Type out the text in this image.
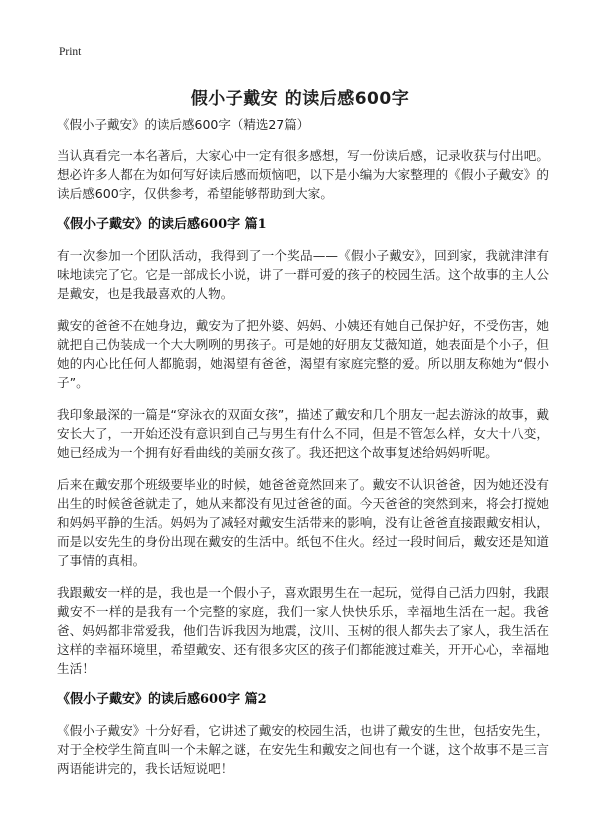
Print
假小子戴安 的读后感600字

《假小子戴安》的读后感600字（精选27篇）

当认真看完一本名著后，大家心中一定有很多感想，写一份读后感，记录收获与付出吧。想必许多人都在为如何写好读后感而烦恼吧，以下是小编为大家整理的《假小子戴安》的读后感600字，仅供参考，希望能够帮助到大家。

《假小子戴安》的读后感600字 篇1

有一次参加一个团队活动，我得到了一个奖品——《假小子戴安》，回到家，我就津津有味地读完了它。它是一部成长小说，讲了一群可爱的孩子的校园生活。这个故事的主人公是戴安，也是我最喜欢的人物。

戴安的爸爸不在她身边，戴安为了把外婆、妈妈、小姨还有她自己保护好，不受伤害，她就把自己伪装成一个大大咧咧的男孩子。可是她的好朋友艾薇知道，她表面是个小子，但她的内心比任何人都脆弱，她渴望有爸爸，渴望有家庭完整的爱。所以朋友称她为“假小子”。

我印象最深的一篇是“穿泳衣的双面女孩”，描述了戴安和几个朋友一起去游泳的故事，戴安长大了，一开始还没有意识到自己与男生有什么不同，但是不管怎么样，女大十八变，她已经成为一个拥有好看曲线的美丽女孩了。我还把这个故事复述给妈妈听呢。

后来在戴安那个班级要毕业的时候，她爸爸竟然回来了。戴安不认识爸爸，因为她还没有出生的时候爸爸就走了，她从来都没有见过爸爸的面。今天爸爸的突然到来，将会打搅她和妈妈平静的生活。妈妈为了减轻对戴安生活带来的影响，没有让爸爸直接跟戴安相认，而是以安先生的身份出现在戴安的生活中。纸包不住火。经过一段时间后，戴安还是知道了事情的真相。

我跟戴安一样的是，我也是一个假小子，喜欢跟男生在一起玩，觉得自己活力四射，我跟戴安不一样的是我有一个完整的家庭，我们一家人快快乐乐，幸福地生活在一起。我爸爸、妈妈都非常爱我，他们告诉我因为地震，汶川、玉树的很人都失去了家人，我生活在这样的幸福环境里，希望戴安、还有很多灾区的孩子们都能渡过难关，开开心心，幸福地生活！

《假小子戴安》的读后感600字 篇2

《假小子戴安》十分好看，它讲述了戴安的校园生活，也讲了戴安的生世，包括安先生，对于全校学生简直叫一个未解之谜，在安先生和戴安之间也有一个谜，这个故事不是三言两语能讲完的，我长话短说吧！
